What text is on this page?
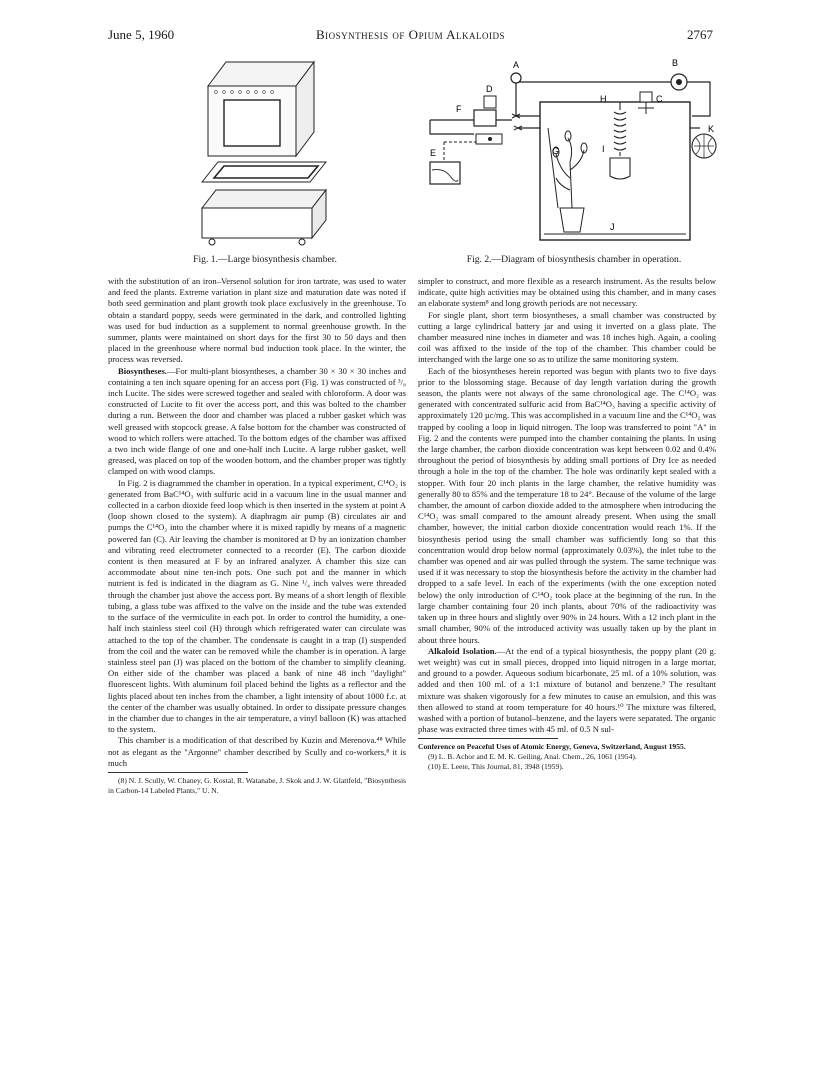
June 5, 1960	Biosynthesis of Opium Alkaloids	2767
Fig. 1.—Large biosynthesis chamber.
A	B
F
D
E
H
I
C
G
J
K
Fig. 2.—Diagram of biosynthesis chamber in operation.

with the substitution of an iron–Versenol solution for iron tartrate, was used to water and feed the plants. Extreme variation in plant size and maturation date was noted if both seed germination and plant growth took place exclusively in the greenhouse. To obtain a standard poppy, seeds were germinated in the dark, and controlled lighting was used for bud induction as a supplement to normal greenhouse growth. In the summer, plants were maintained on short days for the first 30 to 50 days and then placed in the greenhouse where normal bud induction took place. In the winter, the process was reversed.

Biosyntheses.—For multi-plant biosyntheses, a chamber 30 × 30 × 30 inches and containing a ten inch square opening for an access port (Fig. 1) was constructed of ³/₈ inch Lucite. The sides were screwed together and sealed with chloroform. A door was constructed of Lucite to fit over the access port, and this was bolted to the chamber during a run. Between the door and chamber was placed a rubber gasket which was well greased with stopcock grease. A false bottom for the chamber was constructed of wood to which rollers were attached. To the bottom edges of the chamber was affixed a two inch wide flange of one and one-half inch Lucite. A large rubber gasket, well greased, was placed on top of the wooden bottom, and the chamber proper was tightly clamped on with wood clamps.

In Fig. 2 is diagrammed the chamber in operation. In a typical experiment, C¹⁴O₂ is generated from BaC¹⁴O₃ with sulfuric acid in a vacuum line in the usual manner and collected in a carbon dioxide feed loop which is then inserted in the system at point A (loop shown closed to the system). A diaphragm air pump (B) circulates air and pumps the C¹⁴O₂ into the chamber where it is mixed rapidly by means of a magnetic powered fan (C). Air leaving the chamber is monitored at D by an ionization chamber and vibrating reed electrometer connected to a recorder (E). The carbon dioxide content is then measured at F by an infrared analyzer. A chamber this size can accommodate about nine ten-inch pots. One such pot and the manner in which nutrient is fed is indicated in the diagram as G. Nine ¹/₄ inch valves were threaded through the chamber just above the access port. By means of a short length of flexible tubing, a glass tube was affixed to the valve on the inside and the tube was extended to the surface of the vermiculite in each pot. In order to control the humidity, a one-half inch stainless steel coil (H) through which refrigerated water can circulate was attached to the top of the chamber. The condensate is caught in a trap (I) suspended from the coil and the water can be removed while the chamber is in operation. A large stainless steel pan (J) was placed on the bottom of the chamber to simplify cleaning. On either side of the chamber was placed a bank of nine 48 inch "daylight" fluorescent lights. With aluminum foil placed behind the lights as a reflector and the lights placed about ten inches from the chamber, a light intensity of about 1000 f.c. at the center of the chamber was usually obtained. In order to dissipate pressure changes in the chamber due to changes in the air temperature, a vinyl balloon (K) was attached to the system.

This chamber is a modification of that described by Kuzin and Merenova.⁴⁸ While not as elegant as the "Argonne" chamber described by Scully and co-workers,⁸ it is much

(8) N. J. Scully, W. Chaney, G. Kostal, R. Watanabe, J. Skok and J. W. Glattfeld, "Biosynthesis in Carbon-14 Labeled Plants," U. N.

simpler to construct, and more flexible as a research instrument. As the results below indicate, quite high activities may be obtained using this chamber, and in many cases an elaborate system⁸ and long growth periods are not necessary.

For single plant, short term biosyntheses, a small chamber was constructed by cutting a large cylindrical battery jar and using it inverted on a glass plate. The chamber measured nine inches in diameter and was 18 inches high. Again, a cooling coil was affixed to the inside of the top of the chamber. This chamber could be interchanged with the large one so as to utilize the same monitoring system.

Each of the biosyntheses herein reported was begun with plants two to five days prior to the blossoming stage. Because of day length variation during the growth season, the plants were not always of the same chronological age. The C¹⁴O₂ was generated with concentrated sulfuric acid from BaC¹⁴O₃ having a specific activity of approximately 120 µc/mg. This was accomplished in a vacuum line and the C¹⁴O₂ was trapped by cooling a loop in liquid nitrogen. The loop was transferred to point "A" in Fig. 2 and the contents were pumped into the chamber containing the plants. In using the large chamber, the carbon dioxide concentration was kept between 0.02 and 0.4% throughout the period of biosynthesis by adding small portions of Dry Ice as needed through a hole in the top of the chamber. The hole was ordinarily kept sealed with a stopper. With four 20 inch plants in the large chamber, the relative humidity was generally 80 to 85% and the temperature 18 to 24°. Because of the volume of the large chamber, the amount of carbon dioxide added to the atmosphere when introducing the C¹⁴O₂ was small compared to the amount already present. When using the small chamber, however, the initial carbon dioxide concentration would reach 1%. If the biosynthesis period using the small chamber was sufficiently long so that this concentration would drop below normal (approximately 0.03%), the inlet tube to the chamber was opened and air was pulled through the system. The same technique was used if it was necessary to stop the biosynthesis before the activity in the chamber had dropped to a safe level. In each of the experiments (with the one exception noted below) the only introduction of C¹⁴O₂ took place at the beginning of the run. In the large chamber containing four 20 inch plants, about 70% of the radioactivity was taken up in three hours and slightly over 90% in 24 hours. With a 12 inch plant in the small chamber, 90% of the introduced activity was usually taken up by the plant in about three hours.

Alkaloid Isolation.—At the end of a typical biosynthesis, the poppy plant (20 g. wet weight) was cut in small pieces, dropped into liquid nitrogen in a large mortar, and ground to a powder. Aqueous sodium bicarbonate, 25 ml. of a 10% solution, was added and then 100 ml. of a 1:1 mixture of butanol and benzene.⁹ The resultant mixture was shaken vigorously for a few minutes to cause an emulsion, and this was then allowed to stand at room temperature for 40 hours.¹⁰ The mixture was filtered, washed with a portion of butanol–benzene, and the layers were separated. The organic phase was extracted three times with 45 ml. of 0.5 N sul-

Conference on Peaceful Uses of Atomic Energy, Geneva, Switzerland, August 1955.

(9) L. B. Achor and E. M. K. Geiling, Anal. Chem., 26, 1061 (1954).

(10) E. Leete, This Journal, 81, 3948 (1959).
